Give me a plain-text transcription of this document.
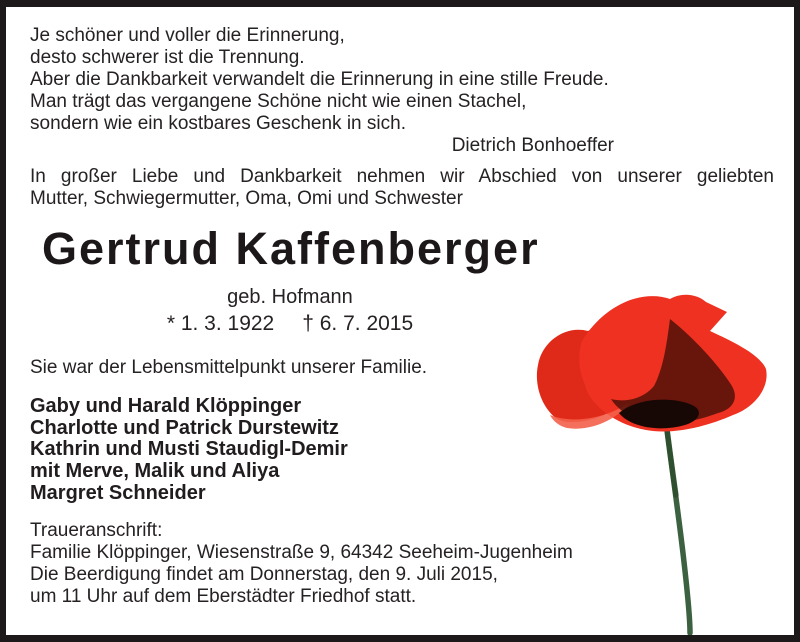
Je schöner und voller die Erinnerung,
desto schwerer ist die Trennung.
Aber die Dankbarkeit verwandelt die Erinnerung in eine stille Freude.
Man trägt das vergangene Schöne nicht wie einen Stachel,
sondern wie ein kostbares Geschenk in sich.
Dietrich Bonhoeffer
In großer Liebe und Dankbarkeit nehmen wir Abschied von unserer geliebten
Mutter, Schwiegermutter, Oma, Omi und Schwester
Gertrud Kaffenberger
geb. Hofmann
* 1. 3. 1922 † 6. 7. 2015
Sie war der Lebensmittelpunkt unserer Familie.
Gaby und Harald Klöppinger
Charlotte und Patrick Durstewitz
Kathrin und Musti Staudigl-Demir
mit Merve, Malik und Aliya
Margret Schneider
Traueranschrift:
Familie Klöppinger, Wiesenstraße 9, 64342 Seeheim-Jugenheim
Die Beerdigung findet am Donnerstag, den 9. Juli 2015,
um 11 Uhr auf dem Eberstädter Friedhof statt.
